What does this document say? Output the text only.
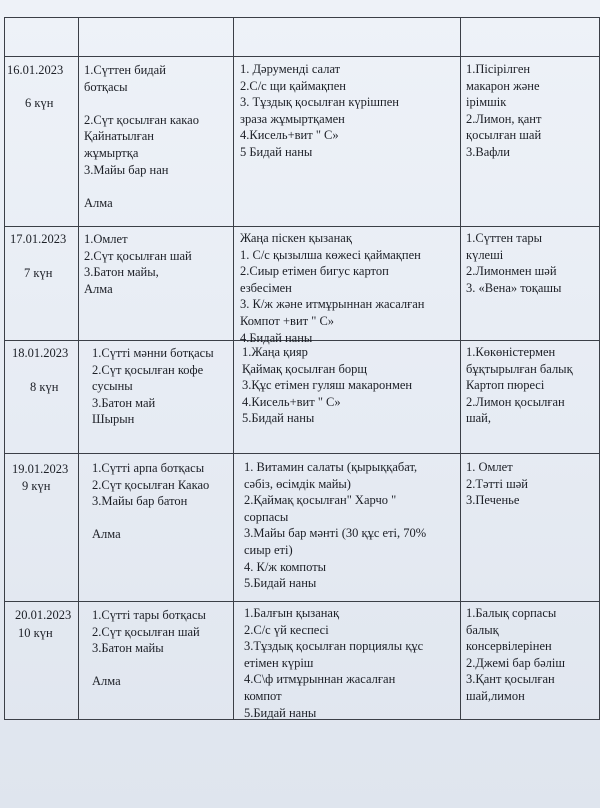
16.01.2023
6 күн
1.Сүттен бидай
ботқасы

2.Сүт қосылған какао
Қайнатылған
жұмыртқа
3.Майы бар нан

Алма
1. Дәруменді салат
2.С/с щи қаймақпен
3. Тұздық қосылған күрішпен
зраза жұмыртқамен
4.Кисель+вит " С»
5 Бидай наны
1.Пісірілген
макарон және
ірімшік
2.Лимон, қант
қосылған шай
3.Вафли
17.01.2023
7 күн
1.Омлет
2.Сүт қосылған шай
3.Батон майы,
Алма
Жаңа піскен қызанақ
1. С/с қызылша көжесі қаймақпен
2.Сиыр етімен бигус картоп
езбесімен
3. К/ж және итмұрыннан жасалған
Компот +вит " С»
4.Бидай наны
1.Сүттен тары
күлеші
2.Лимонмен шәй
3. «Вена» тоқашы
18.01.2023
8 күн
1.Сүтті мәнни ботқасы
2.Сүт қосылған кофе
сусыны
3.Батон май
Шырын
1.Жаңа қияр
Қаймақ қосылған борщ
3.Құс етімен гуляш макаронмен
4.Кисель+вит " С»
5.Бидай наны
1.Көкөністермен
бұқтырылған балық
Картоп пюресі
2.Лимон қосылған
шай,
19.01.2023
9 күн
1.Сүтті арпа ботқасы
2.Сүт қосылған Какао
3.Майы бар батон

Алма
1. Витамин салаты (қырыққабат,
сәбіз, өсімдік майы)
2.Қаймақ қосылған" Харчо "
сорпасы
3.Майы бар мәнті (30 құс еті, 70%
сиыр еті)
4. К/ж компоты
5.Бидай наны
1. Омлет
2.Тәтті шәй
3.Печенье
20.01.2023
10 күн
1.Сүтті тары ботқасы
2.Сүт қосылған шай
3.Батон майы

Алма
1.Балғын қызанақ
2.С/с үй кеспесі
3.Тұздық қосылған порциялы құс
етімен күріш
4.С\ф итмұрыннан жасалған
компот
5.Бидай наны
1.Балық сорпасы
балық
консервілерінен
2.Джемі бар бәліш
3.Қант қосылған
шай,лимон
